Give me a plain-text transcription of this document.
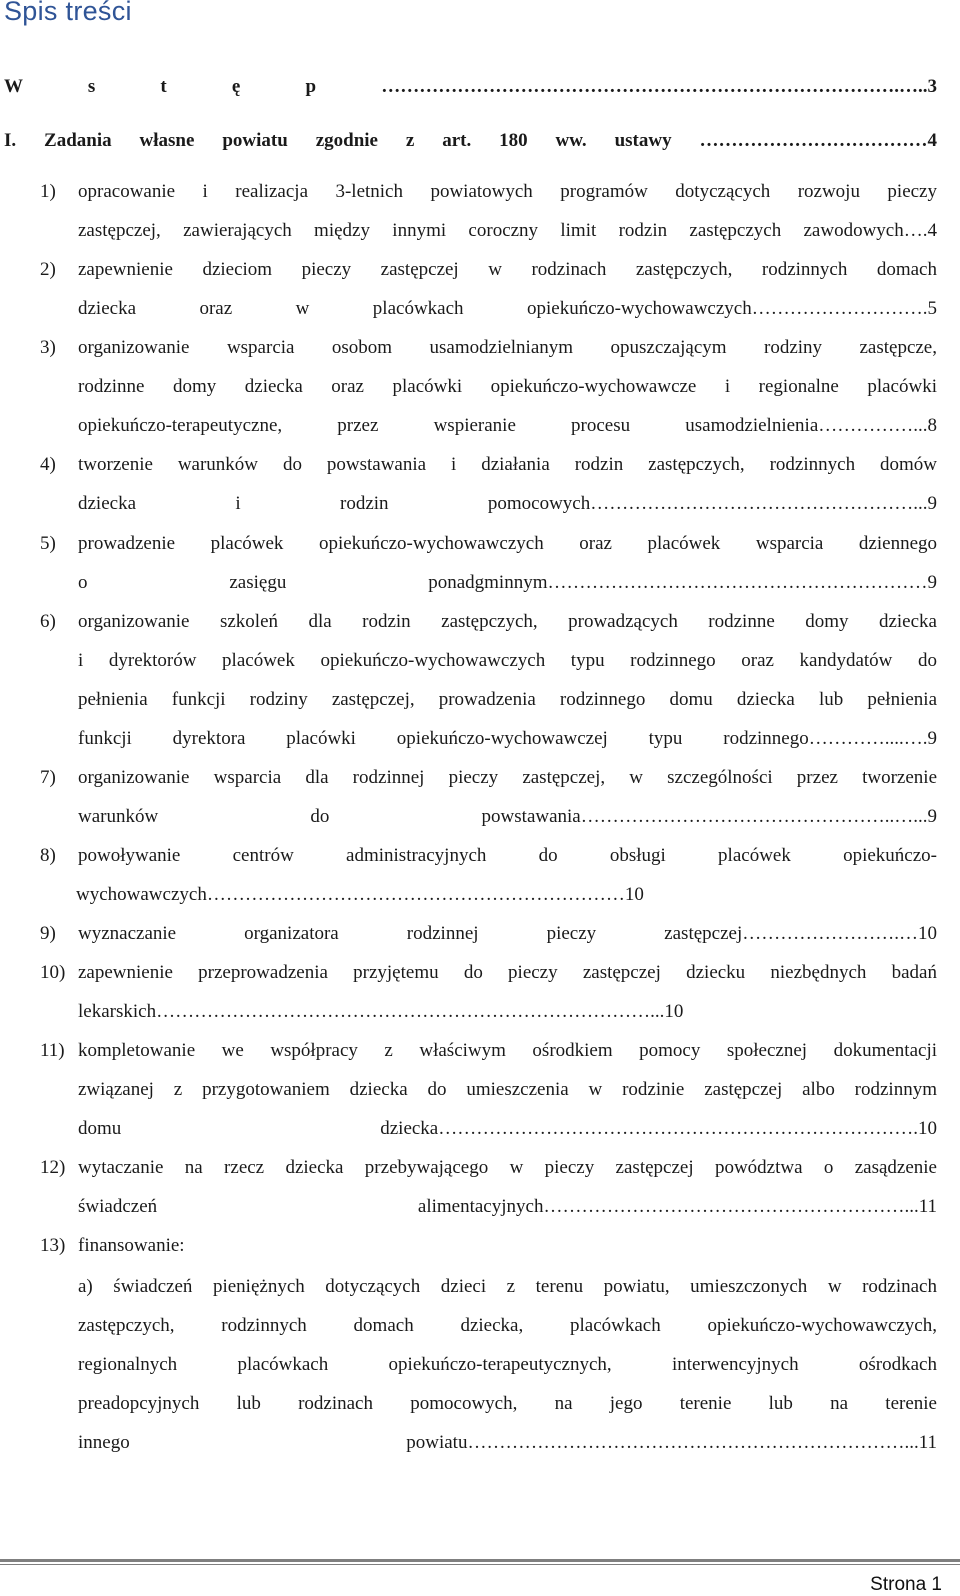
Spis treści
W s t ę p ……………………………………………………………………….…..3
I. Zadania własne powiatu zgodnie z art. 180 ww. ustawy ………………………………4
1) opracowanie i realizacja 3-letnich powiatowych programów dotyczących rozwoju pieczy
zastępczej, zawierających między innymi coroczny limit rodzin zastępczych zawodowych….4
2) zapewnienie dzieciom pieczy zastępczej w rodzinach zastępczych, rodzinnych domach
dziecka oraz w placówkach opiekuńczo-wychowawczych……………………….5
3) organizowanie wsparcia osobom usamodzielnianym opuszczającym rodziny zastępcze,
rodzinne domy dziecka oraz placówki opiekuńczo-wychowawcze i regionalne placówki
opiekuńczo-terapeutyczne, przez wspieranie procesu usamodzielnienia……………...8
4) tworzenie warunków do powstawania i działania rodzin zastępczych, rodzinnych domów
dziecka i rodzin pomocowych……………………………………………...9
5) prowadzenie placówek opiekuńczo-wychowawczych oraz placówek wsparcia dziennego
o zasięgu ponadgminnym……………………………………………………9
6) organizowanie szkoleń dla rodzin zastępczych, prowadzących rodzinne domy dziecka
i dyrektorów placówek opiekuńczo-wychowawczych typu rodzinnego oraz kandydatów do
pełnienia funkcji rodziny zastępczej, prowadzenia rodzinnego domu dziecka lub pełnienia
funkcji dyrektora placówki opiekuńczo-wychowawczej typu rodzinnego…………....….9
7) organizowanie wsparcia dla rodzinnej pieczy zastępczej, w szczególności przez tworzenie
warunków do powstawania…………………………………………..…...9
8) powoływanie centrów administracyjnych do obsługi placówek opiekuńczo-
wychowawczych…………………………………………………………10
9) wyznaczanie organizatora rodzinnej pieczy zastępczej…………………….…10
10) zapewnienie przeprowadzenia przyjętemu do pieczy zastępczej dziecku niezbędnych badań
lekarskich……………………………………………………………………...10
11) kompletowanie we współpracy z właściwym ośrodkiem pomocy społecznej dokumentacji
związanej z przygotowaniem dziecka do umieszczenia w rodzinie zastępczej albo rodzinnym
domu dziecka………………………………………………………………….10
12) wytaczanie na rzecz dziecka przebywającego w pieczy zastępczej powództwa o zasądzenie
świadczeń alimentacyjnych…………………………………………………...11
13) finansowanie:
a) świadczeń pieniężnych dotyczących dzieci z terenu powiatu, umieszczonych w rodzinach
zastępczych, rodzinnych domach dziecka, placówkach opiekuńczo-wychowawczych,
regionalnych placówkach opiekuńczo-terapeutycznych, interwencyjnych ośrodkach
preadopcyjnych lub rodzinach pomocowych, na jego terenie lub na terenie
innego powiatu……………………………………………………………...11
Strona 1
